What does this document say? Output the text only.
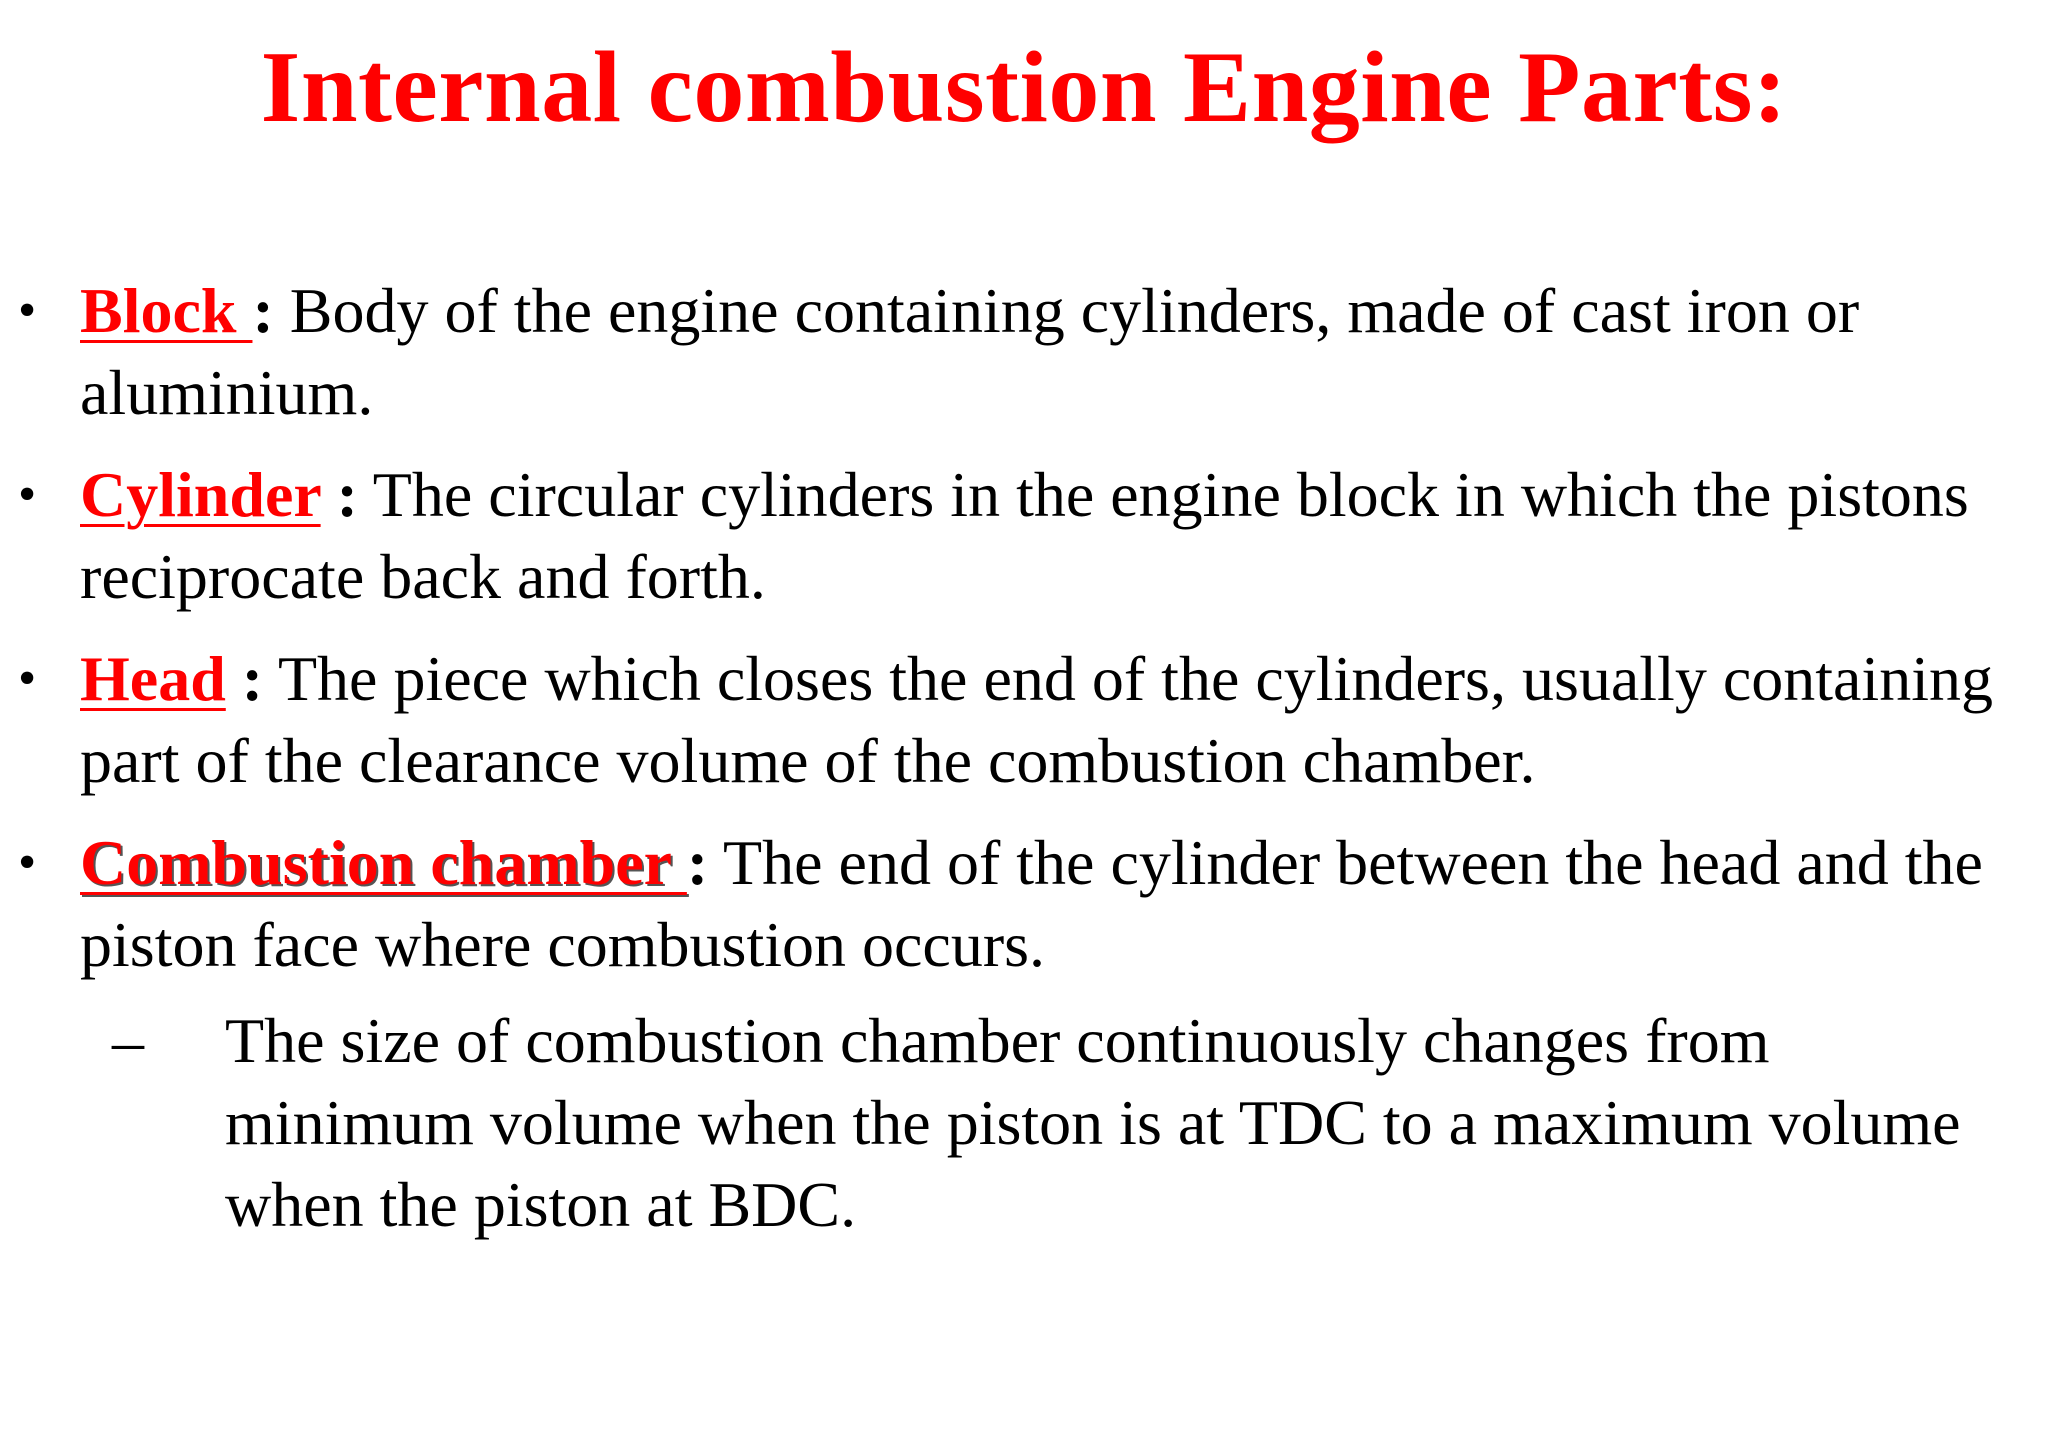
Internal combustion Engine Parts:
• Block : Body of the engine containing cylinders, made of cast iron or aluminium.
• Cylinder : The circular cylinders in the engine block in which the pistons reciprocate back and forth.
• Head : The piece which closes the end of the cylinders, usually containing part of the clearance volume of the combustion chamber.
• Combustion chamber : The end of the cylinder between the head and the piston face where combustion occurs.
– The size of combustion chamber continuously changes from minimum volume when the piston is at TDC to a maximum volume when the piston at BDC.
